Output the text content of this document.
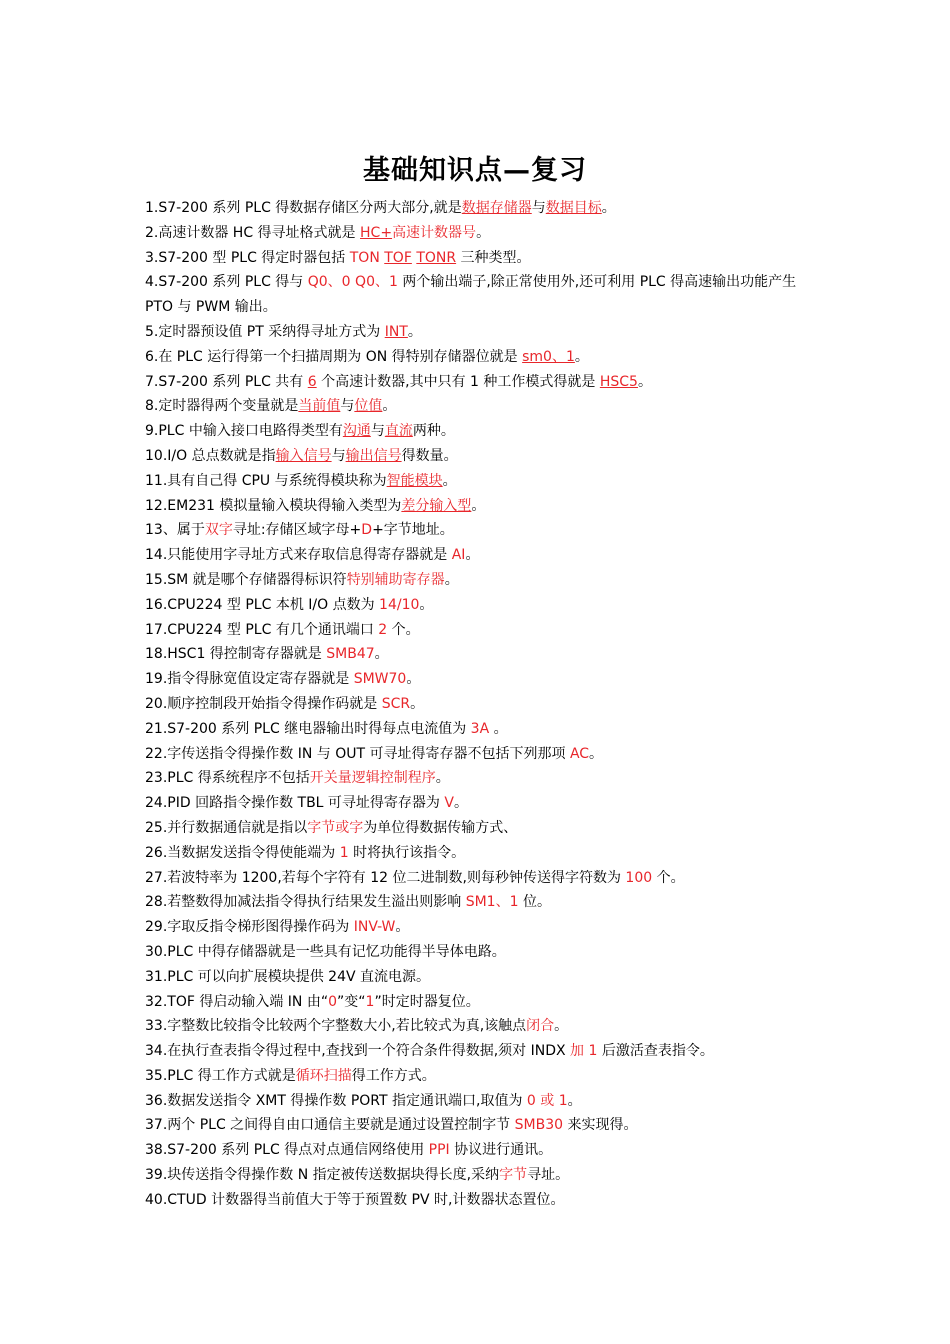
基础知识点—复习
1.S7-200 系列 PLC 得数据存储区分两大部分,就是数据存储器与数据目标。
2.高速计数器 HC 得寻址格式就是 HC+高速计数器号。
3.S7-200 型 PLC 得定时器包括 TON TOF TONR 三种类型。
4.S7-200 系列 PLC 得与 Q0、0 Q0、1 两个输出端子,除正常使用外,还可利用 PLC 得高速输出功能产生 PTO 与 PWM 输出。
5.定时器预设值 PT 采纳得寻址方式为 INT。
6.在 PLC 运行得第一个扫描周期为 ON 得特别存储器位就是 sm0、1。
7.S7-200 系列 PLC 共有 6 个高速计数器,其中只有 1 种工作模式得就是 HSC5。
8.定时器得两个变量就是当前值与位值。
9.PLC 中输入接口电路得类型有沟通与直流两种。
10.I/O 总点数就是指输入信号与输出信号得数量。
11.具有自己得 CPU 与系统得模块称为智能模块。
12.EM231 模拟量输入模块得输入类型为差分输入型。
13、属于双字寻址:存储区域字母+D+字节地址。
14.只能使用字寻址方式来存取信息得寄存器就是 AI。
15.SM 就是哪个存储器得标识符特别辅助寄存器。
16.CPU224 型 PLC 本机 I/O 点数为 14/10。
17.CPU224 型 PLC 有几个通讯端口 2 个。
18.HSC1 得控制寄存器就是 SMB47。
19.指令得脉宽值设定寄存器就是 SMW70。
20.顺序控制段开始指令得操作码就是 SCR。
21.S7-200 系列 PLC 继电器输出时得每点电流值为 3A 。
22.字传送指令得操作数 IN 与 OUT 可寻址得寄存器不包括下列那项 AC。
23.PLC 得系统程序不包括开关量逻辑控制程序。
24.PID 回路指令操作数 TBL 可寻址得寄存器为 V。
25.并行数据通信就是指以字节或字为单位得数据传输方式、
26.当数据发送指令得使能端为 1 时将执行该指令。
27.若波特率为 1200,若每个字符有 12 位二进制数,则每秒钟传送得字符数为 100 个。
28.若整数得加减法指令得执行结果发生溢出则影响 SM1、1 位。
29.字取反指令梯形图得操作码为 INV-W。
30.PLC 中得存储器就是一些具有记忆功能得半导体电路。
31.PLC 可以向扩展模块提供 24V 直流电源。
32.TOF 得启动输入端 IN 由“0”变“1”时定时器复位。
33.字整数比较指令比较两个字整数大小,若比较式为真,该触点闭合。
34.在执行查表指令得过程中,查找到一个符合条件得数据,须对 INDX 加 1 后激活查表指令。
35.PLC 得工作方式就是循环扫描得工作方式。
36.数据发送指令 XMT 得操作数 PORT 指定通讯端口,取值为 0 或 1。
37.两个 PLC 之间得自由口通信主要就是通过设置控制字节 SMB30 来实现得。
38.S7-200 系列 PLC 得点对点通信网络使用 PPI 协议进行通讯。
39.块传送指令得操作数 N 指定被传送数据块得长度,采纳字节寻址。
40.CTUD 计数器得当前值大于等于预置数 PV 时,计数器状态置位。
